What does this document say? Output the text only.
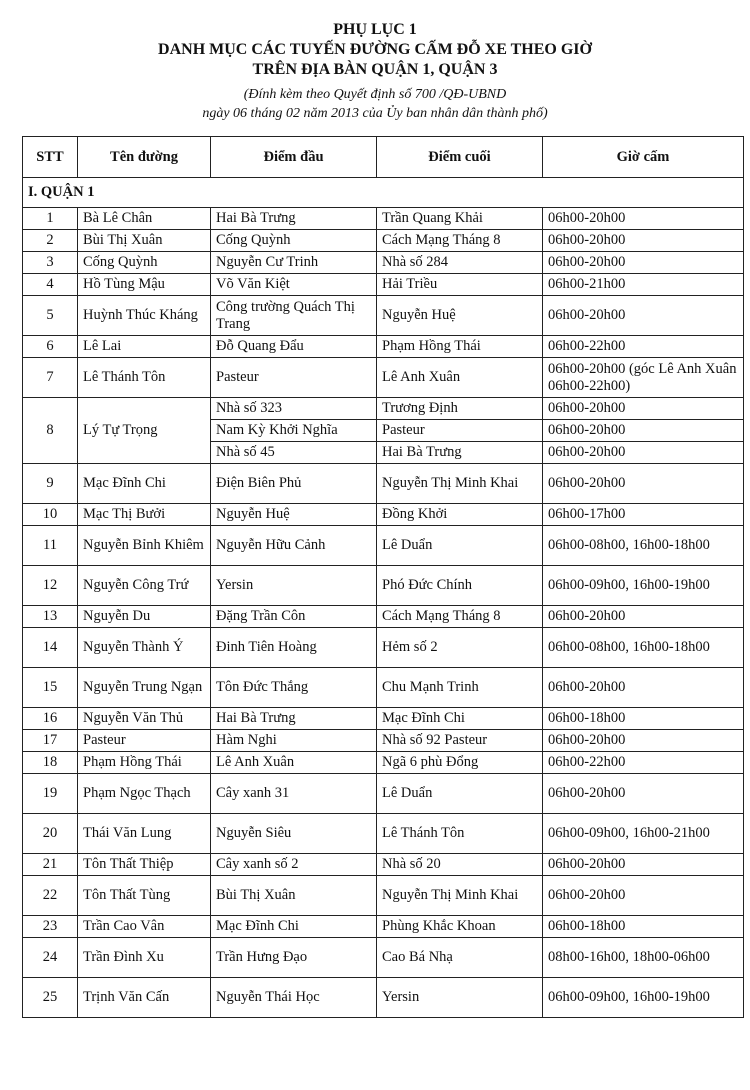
PHỤ LỤC 1
DANH MỤC CÁC TUYẾN ĐƯỜNG CẤM ĐỖ XE THEO GIỜ
TRÊN ĐỊA BÀN QUẬN 1, QUẬN 3
(Đính kèm theo Quyết định số 700 /QĐ-UBND
ngày 06 tháng 02 năm 2013 của Ủy ban nhân dân thành phố)
STT	Tên đường	Điểm đầu	Điểm cuối	Giờ cấm
I. QUẬN 1				
1	Bà Lê Chân	Hai Bà Trưng	Trần Quang Khải	06h00-20h00
2	Bùi Thị Xuân	Cống Quỳnh	Cách Mạng Tháng 8	06h00-20h00
3	Cống Quỳnh	Nguyễn Cư Trinh	Nhà số 284	06h00-20h00
4	Hồ Tùng Mậu	Võ Văn Kiệt	Hải Triều	06h00-21h00
5	Huỳnh Thúc Kháng	Công trường Quách Thị Trang	Nguyễn Huệ	06h00-20h00
6	Lê Lai	Đỗ Quang Đẩu	Phạm Hồng Thái	06h00-22h00
7	Lê Thánh Tôn	Pasteur	Lê Anh Xuân	06h00-20h00 (góc Lê Anh Xuân 06h00-22h00)
8	Lý Tự Trọng	Nhà số 323	Trương Định	06h00-20h00
		Nam Kỳ Khởi Nghĩa	Pasteur	06h00-20h00
		Nhà số 45	Hai Bà Trưng	06h00-20h00
9	Mạc Đĩnh Chi	Điện Biên Phủ	Nguyễn Thị Minh Khai	06h00-20h00
10	Mạc Thị Bưởi	Nguyễn Huệ	Đồng Khởi	06h00-17h00
11	Nguyễn Bỉnh Khiêm	Nguyễn Hữu Cảnh	Lê Duẩn	06h00-08h00, 16h00-18h00
12	Nguyễn Công Trứ	Yersin	Phó Đức Chính	06h00-09h00, 16h00-19h00
13	Nguyễn Du	Đặng Trần Côn	Cách Mạng Tháng 8	06h00-20h00
14	Nguyễn Thành Ý	Đinh Tiên Hoàng	Hẻm số 2	06h00-08h00, 16h00-18h00
15	Nguyễn Trung Ngạn	Tôn Đức Thắng	Chu Mạnh Trinh	06h00-20h00
16	Nguyễn Văn Thủ	Hai Bà Trưng	Mạc Đĩnh Chi	06h00-18h00
17	Pasteur	Hàm Nghi	Nhà số 92 Pasteur	06h00-20h00
18	Phạm Hồng Thái	Lê Anh Xuân	Ngã 6 phù Đổng	06h00-22h00
19	Phạm Ngọc Thạch	Cây xanh 31	Lê Duẩn	06h00-20h00
20	Thái Văn Lung	Nguyễn Siêu	Lê Thánh Tôn	06h00-09h00, 16h00-21h00
21	Tôn Thất Thiệp	Cây xanh số 2	Nhà số 20	06h00-20h00
22	Tôn Thất Tùng	Bùi Thị Xuân	Nguyễn Thị Minh Khai	06h00-20h00
23	Trần Cao Vân	Mạc Đĩnh Chi	Phùng Khắc Khoan	06h00-18h00
24	Trần Đình Xu	Trần Hưng Đạo	Cao Bá Nhạ	08h00-16h00, 18h00-06h00
25	Trịnh Văn Cấn	Nguyễn Thái Học	Yersin	06h00-09h00, 16h00-19h00
